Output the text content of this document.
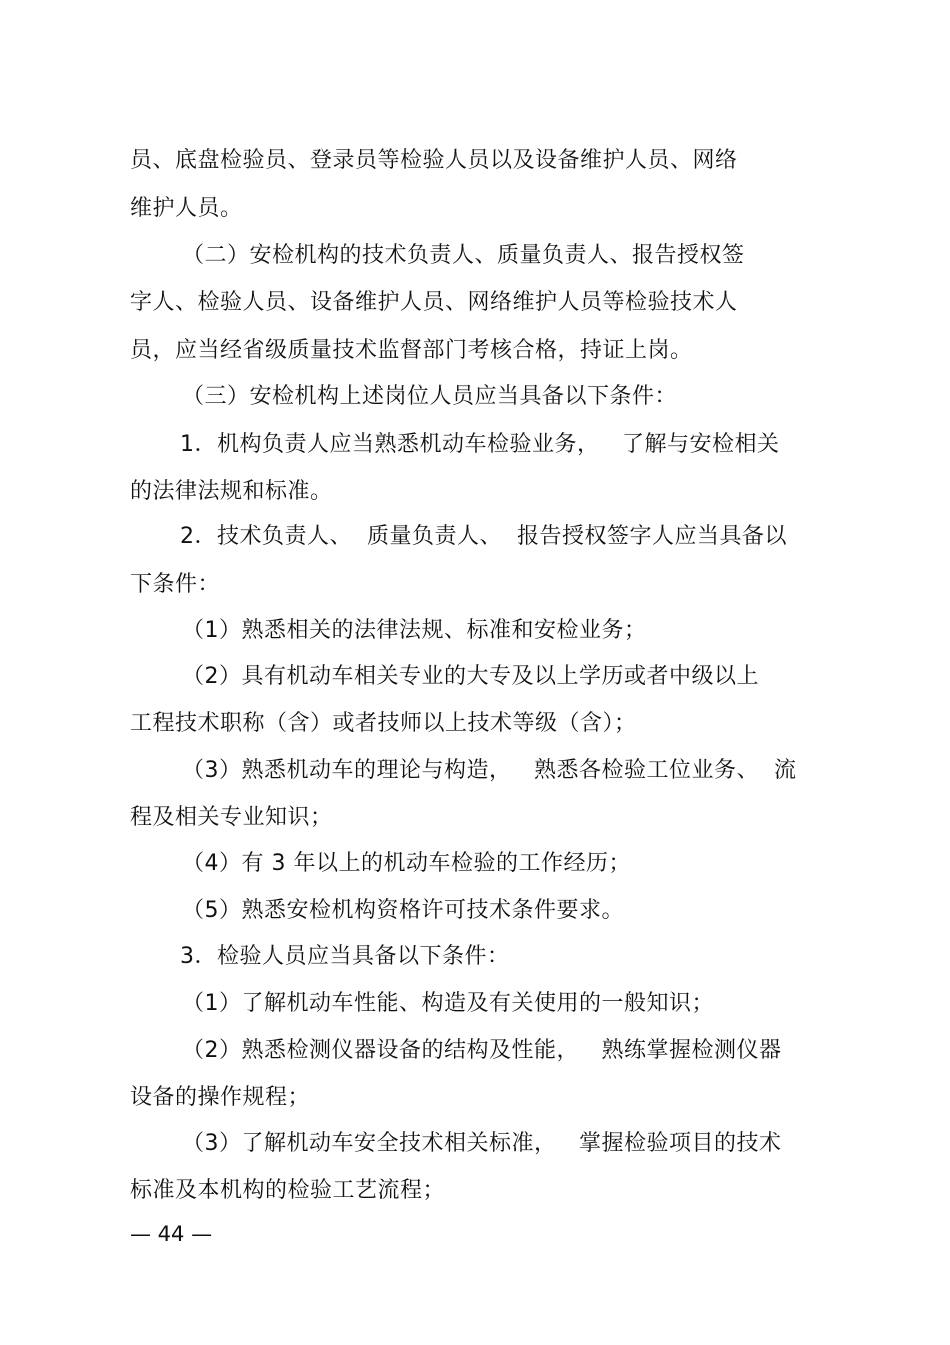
员、底盘检验员、登录员等检验人员以及设备维护人员、网络
维护人员。
（二）安检机构的技术负责人、质量负责人、报告授权签
字人、检验人员、设备维护人员、网络维护人员等检验技术人
员，应当经省级质量技术监督部门考核合格，持证上岗。
（三）安检机构上述岗位人员应当具备以下条件：
1．机构负责人应当熟悉机动车检验业务，   了解与安检相关
的法律法规和标准。
2．技术负责人、  质量负责人、  报告授权签字人应当具备以
下条件：
（1）熟悉相关的法律法规、标准和安检业务；
（2）具有机动车相关专业的大专及以上学历或者中级以上
工程技术职称（含）或者技师以上技术等级（含）；
（3）熟悉机动车的理论与构造，   熟悉各检验工位业务、  流
程及相关专业知识；
（4）有 3 年以上的机动车检验的工作经历；
（5）熟悉安检机构资格许可技术条件要求。
3．检验人员应当具备以下条件：
（1）了解机动车性能、构造及有关使用的一般知识；
（2）熟悉检测仪器设备的结构及性能，   熟练掌握检测仪器
设备的操作规程；
（3）了解机动车安全技术相关标准，   掌握检验项目的技术
标准及本机构的检验工艺流程；
— 44 —
